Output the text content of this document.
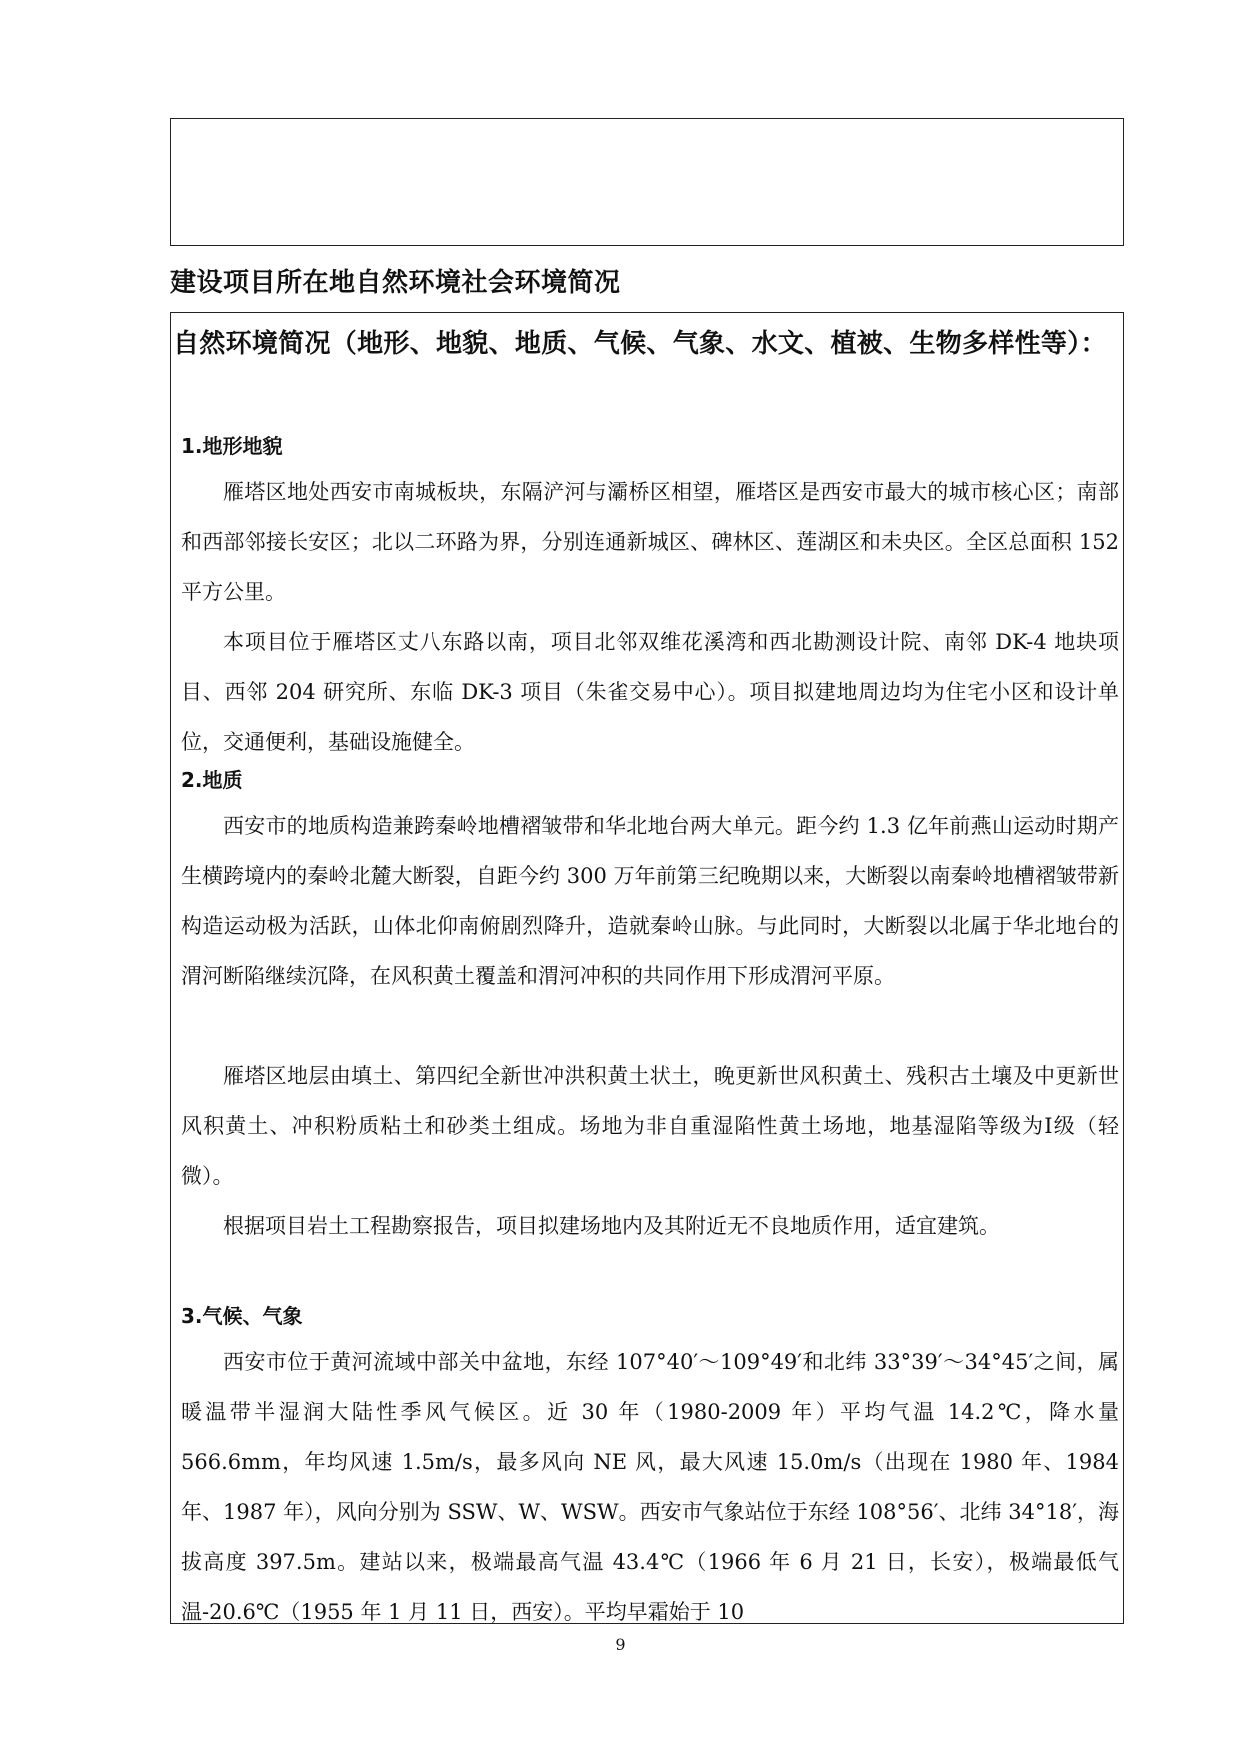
建设项目所在地自然环境社会环境简况
自然环境简况（地形、地貌、地质、气候、气象、水文、植被、生物多样性等）：
1.地形地貌
雁塔区地处西安市南城板块，东隔浐河与灞桥区相望，雁塔区是西安市最大的城市核心区；南部和西部邻接长安区；北以二环路为界，分别连通新城区、碑林区、莲湖区和未央区。全区总面积 152　平方公里。
本项目位于雁塔区丈八东路以南，项目北邻双维花溪湾和西北勘测设计院、南邻 DK-4 地块项目、西邻 204 研究所、东临 DK-3 项目（朱雀交易中心）。项目拟建地周边均为住宅小区和设计单位，交通便利，基础设施健全。
2.地质
西安市的地质构造兼跨秦岭地槽褶皱带和华北地台两大单元。距今约 1.3 亿年前燕山运动时期产生横跨境内的秦岭北麓大断裂，自距今约 300 万年前第三纪晚期以来，大断裂以南秦岭地槽褶皱带新构造运动极为活跃，山体北仰南俯剧烈降升，造就秦岭山脉。与此同时，大断裂以北属于华北地台的渭河断陷继续沉降，在风积黄土覆盖和渭河冲积的共同作用下形成渭河平原。
雁塔区地层由填土、第四纪全新世冲洪积黄土状土，晚更新世风积黄土、残积古土壤及中更新世风积黄土、冲积粉质粘土和砂类土组成。场地为非自重湿陷性黄土场地，地基湿陷等级为Ⅰ级（轻微）。
根据项目岩土工程勘察报告，项目拟建场地内及其附近无不良地质作用，适宜建筑。
3.气候、气象
西安市位于黄河流域中部关中盆地，东经 107°40′～109°49′和北纬 33°39′～34°45′之间，属暖温带半湿润大陆性季风气候区。近 30 年（1980-2009 年）平均气温 14.2℃，降水量 566.6mm，年均风速 1.5m/s，最多风向 NE 风，最大风速 15.0m/s（出现在 1980 年、1984 年、1987 年），风向分别为 SSW、W、WSW。西安市气象站位于东经 108°56′、北纬 34°18′，海拔高度 397.5m。建站以来，极端最高气温 43.4℃（1966 年 6 月 21 日，长安），极端最低气温-20.6℃（1955 年 1 月 11 日，西安）。平均早霜始于 10
9
